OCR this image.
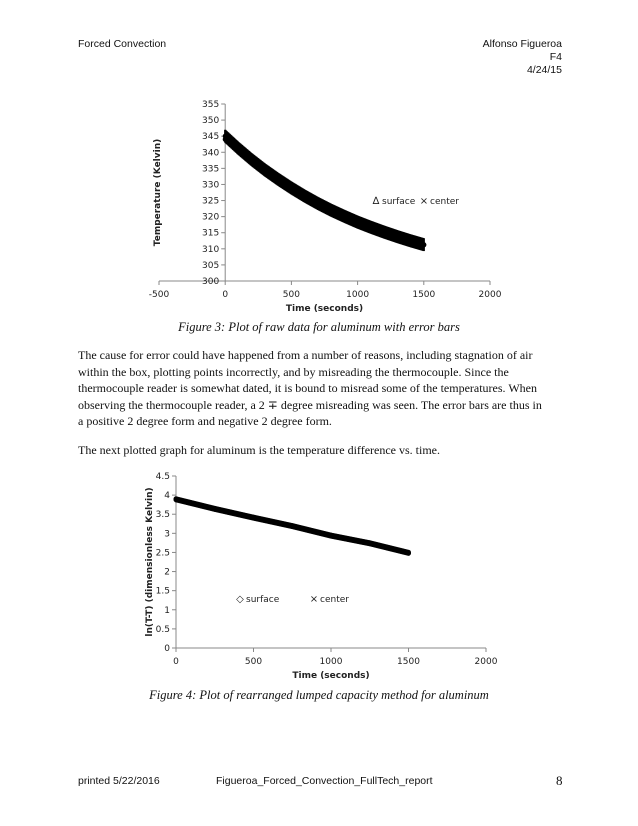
Forced Convection	Alfonso Figueroa
F4
4/24/15
300
305
310
315
320
325
330
335
340
345
350
355
-500	0	500	1000	1500	2000
Time (seconds)
Temperature (Kelvin)	∆ surface × center
Figure 3: Plot of raw data for aluminum with error bars

The cause for error could have happened from a number of reasons, including stagnation of air

within the box, plotting points incorrectly, and by misreading the thermocouple. Since the

thermocouple reader is somewhat dated, it is bound to misread some of the temperatures. When

observing the thermocouple reader, a 2 ∓ degree misreading was seen. The error bars are thus in

a positive 2 degree form and negative 2 degree form.

The next plotted graph for aluminum is the temperature difference vs. time.
0
0.5
1
1.5
2
2.5
3
3.5
4
4.5
0	500	1000	1500	2000
Time (seconds)
ln(T-T) (dimensionless Kelvin)	◇ surface	× center
Figure 4: Plot of rearranged lumped capacity method for aluminum
printed 5/22/2016	Figueroa_Forced_Convection_FullTech_report	8
